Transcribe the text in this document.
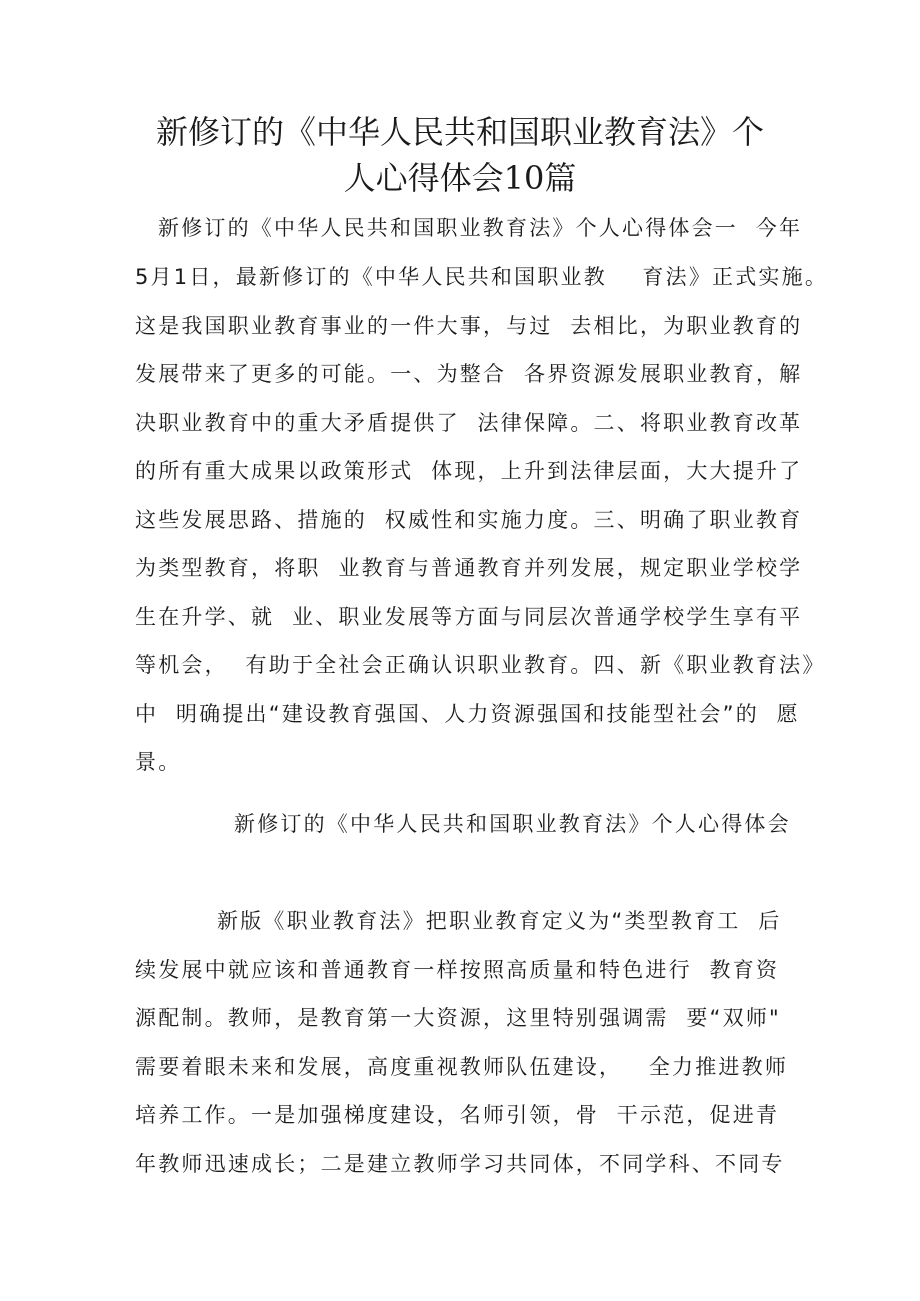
新修订的《中华人民共和国职业教育法》个
人心得体会10篇
新修订的《中华人民共和国职业教育法》个人心得体会一  今年
5月1日，最新修订的《中华人民共和国职业教    育法》正式实施。
这是我国职业教育事业的一件大事，与过  去相比，为职业教育的
发展带来了更多的可能。一、为整合  各界资源发展职业教育，解
决职业教育中的重大矛盾提供了  法律保障。二、将职业教育改革
的所有重大成果以政策形式  体现，上升到法律层面，大大提升了
这些发展思路、措施的  权威性和实施力度。三、明确了职业教育
为类型教育，将职  业教育与普通教育并列发展，规定职业学校学
生在升学、就  业、职业发展等方面与同层次普通学校学生享有平
等机会，  有助于全社会正确认识职业教育。四、新《职业教育法》
中  明确提出“建设教育强国、人力资源强国和技能型社会”的  愿
景。
新修订的《中华人民共和国职业教育法》个人心得体会
新版《职业教育法》把职业教育定义为“类型教育工  后
续发展中就应该和普通教育一样按照高质量和特色进行  教育资
源配制。教师，是教育第一大资源，这里特别强调需  要“双师"
需要着眼未来和发展，高度重视教师队伍建设，   全力推进教师
培养工作。一是加强梯度建设，名师引领，骨  干示范，促进青
年教师迅速成长；二是建立教师学习共同体，不同学科、不同专
